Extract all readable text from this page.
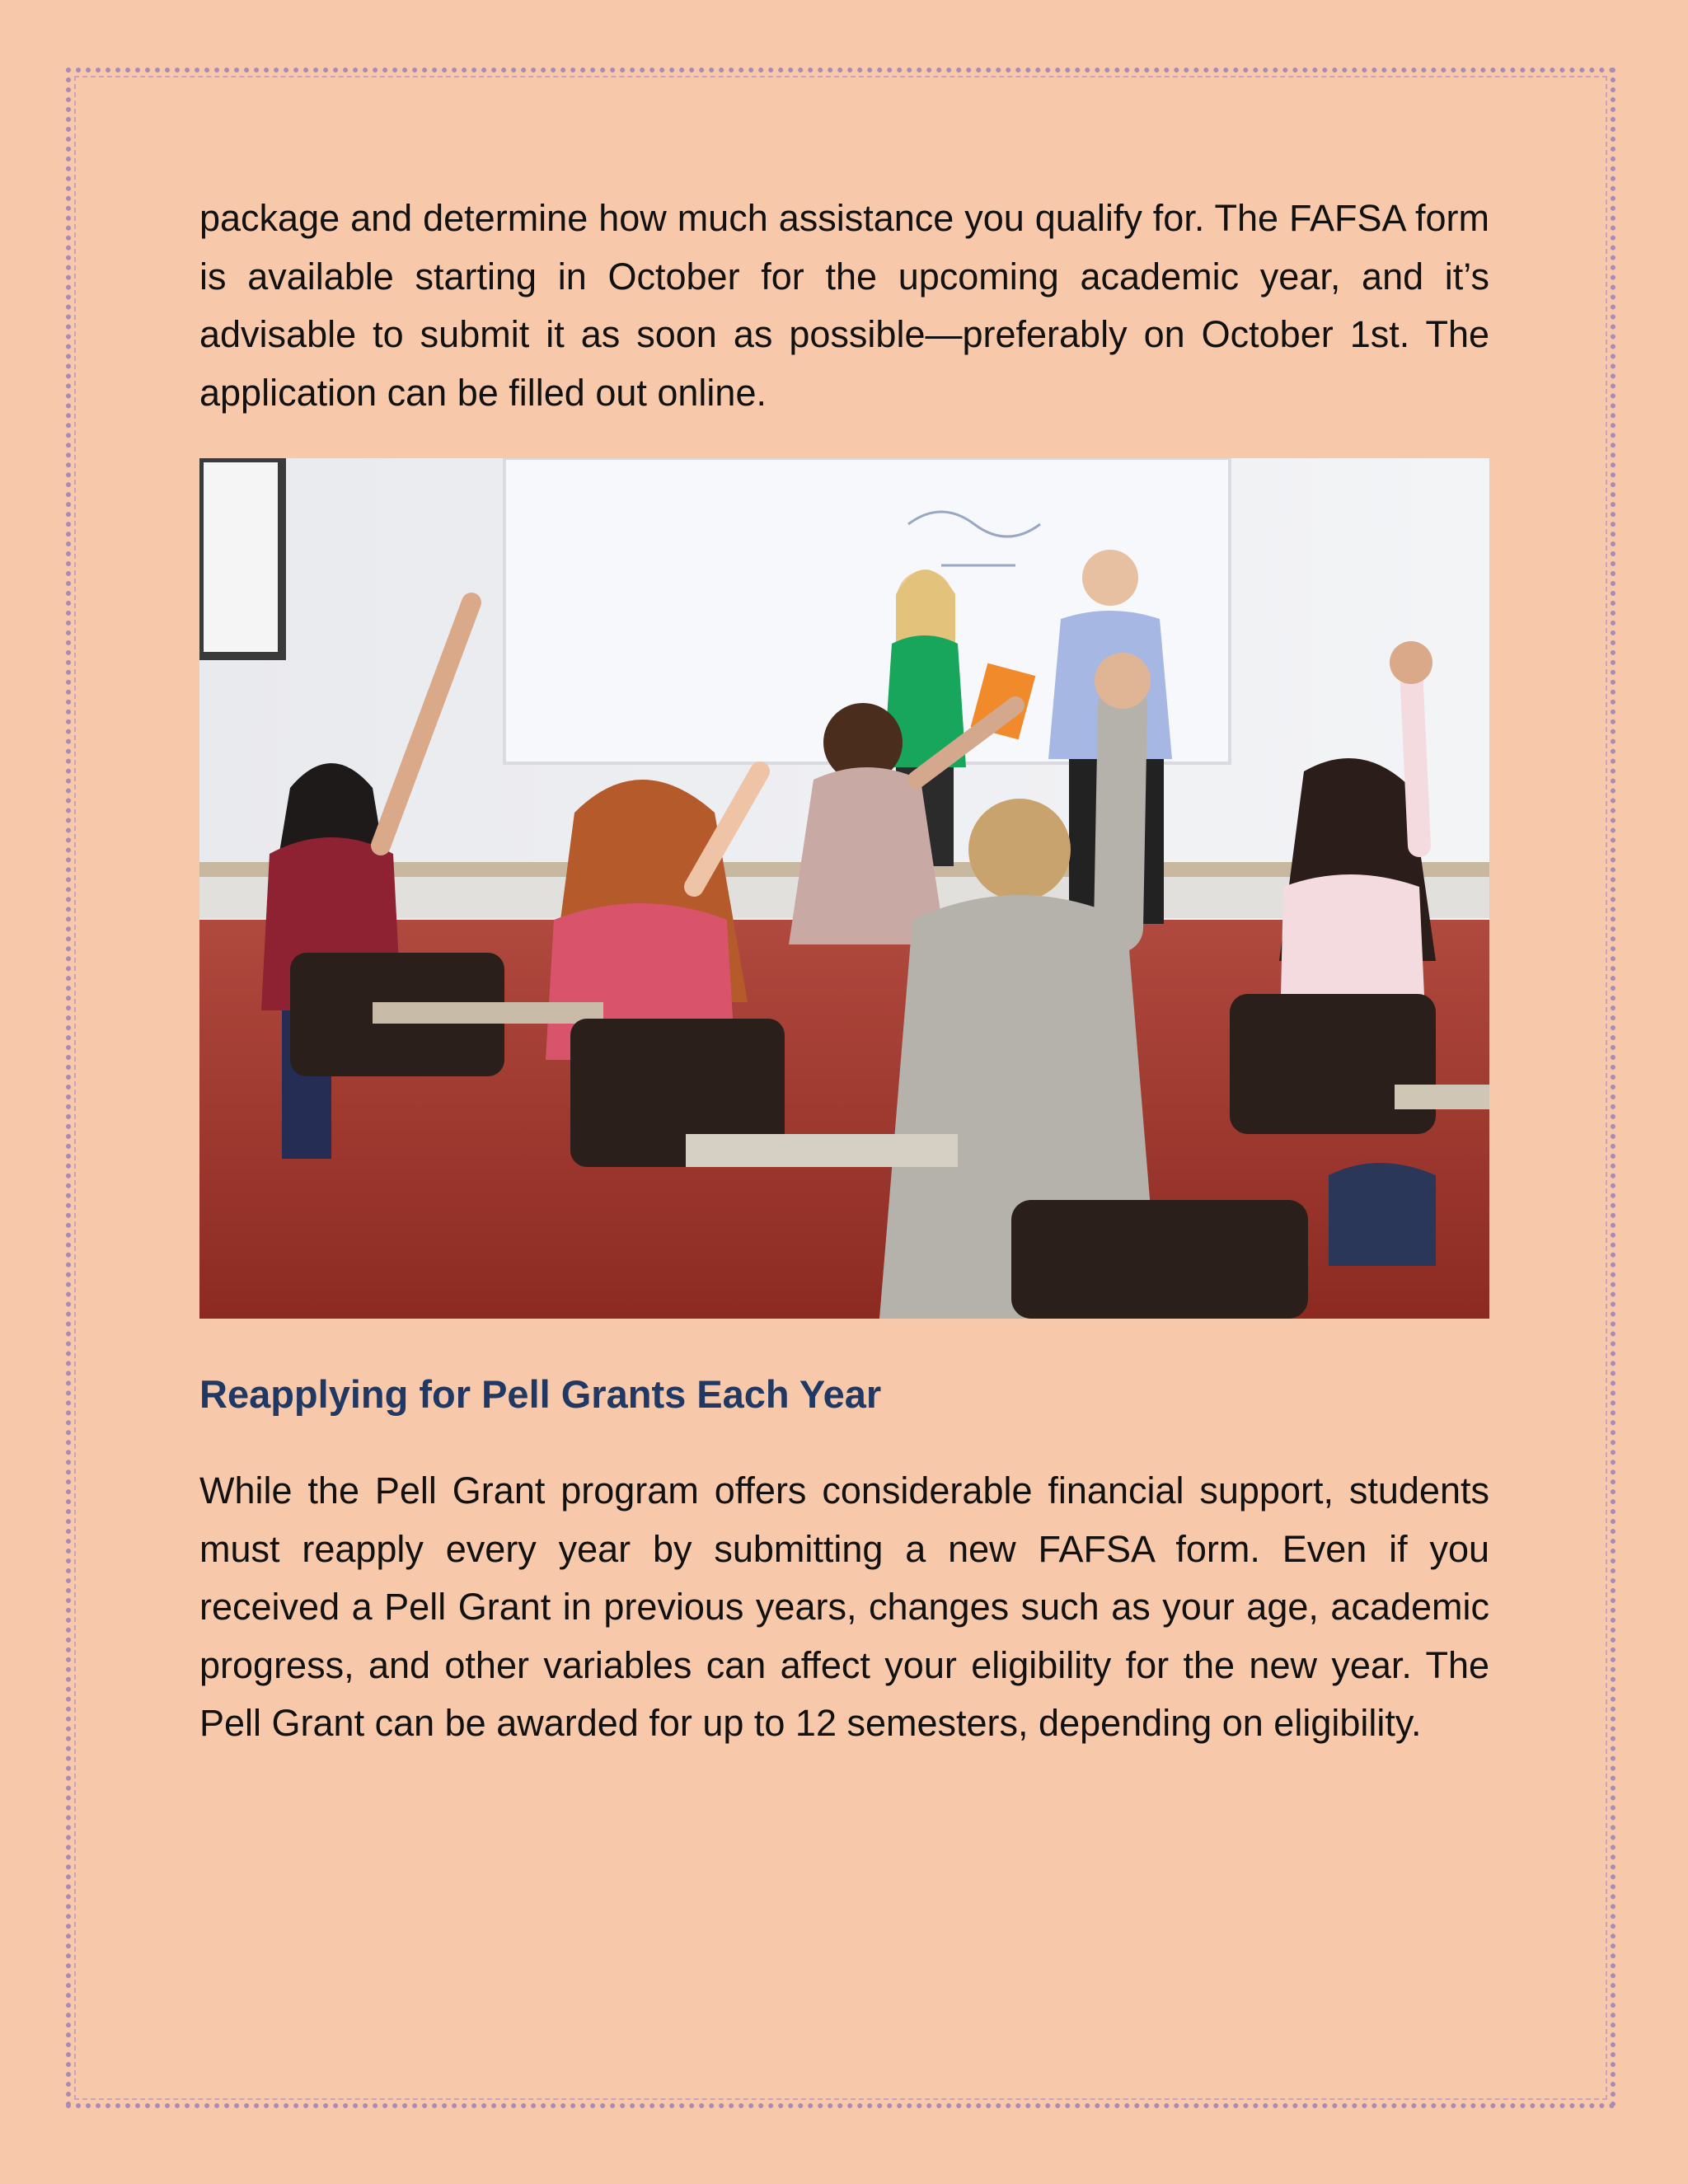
package and determine how much assistance you qualify for. The FAFSA form is available starting in October for the upcoming academic year, and it’s advisable to submit it as soon as possible—preferably on October 1st. The application can be filled out online.

Reapplying for Pell Grants Each Year

While the Pell Grant program offers considerable financial support, students must reapply every year by submitting a new FAFSA form. Even if you received a Pell Grant in previous years, changes such as your age, academic progress, and other variables can affect your eligibility for the new year. The Pell Grant can be awarded for up to 12 semesters, depending on eligibility.
